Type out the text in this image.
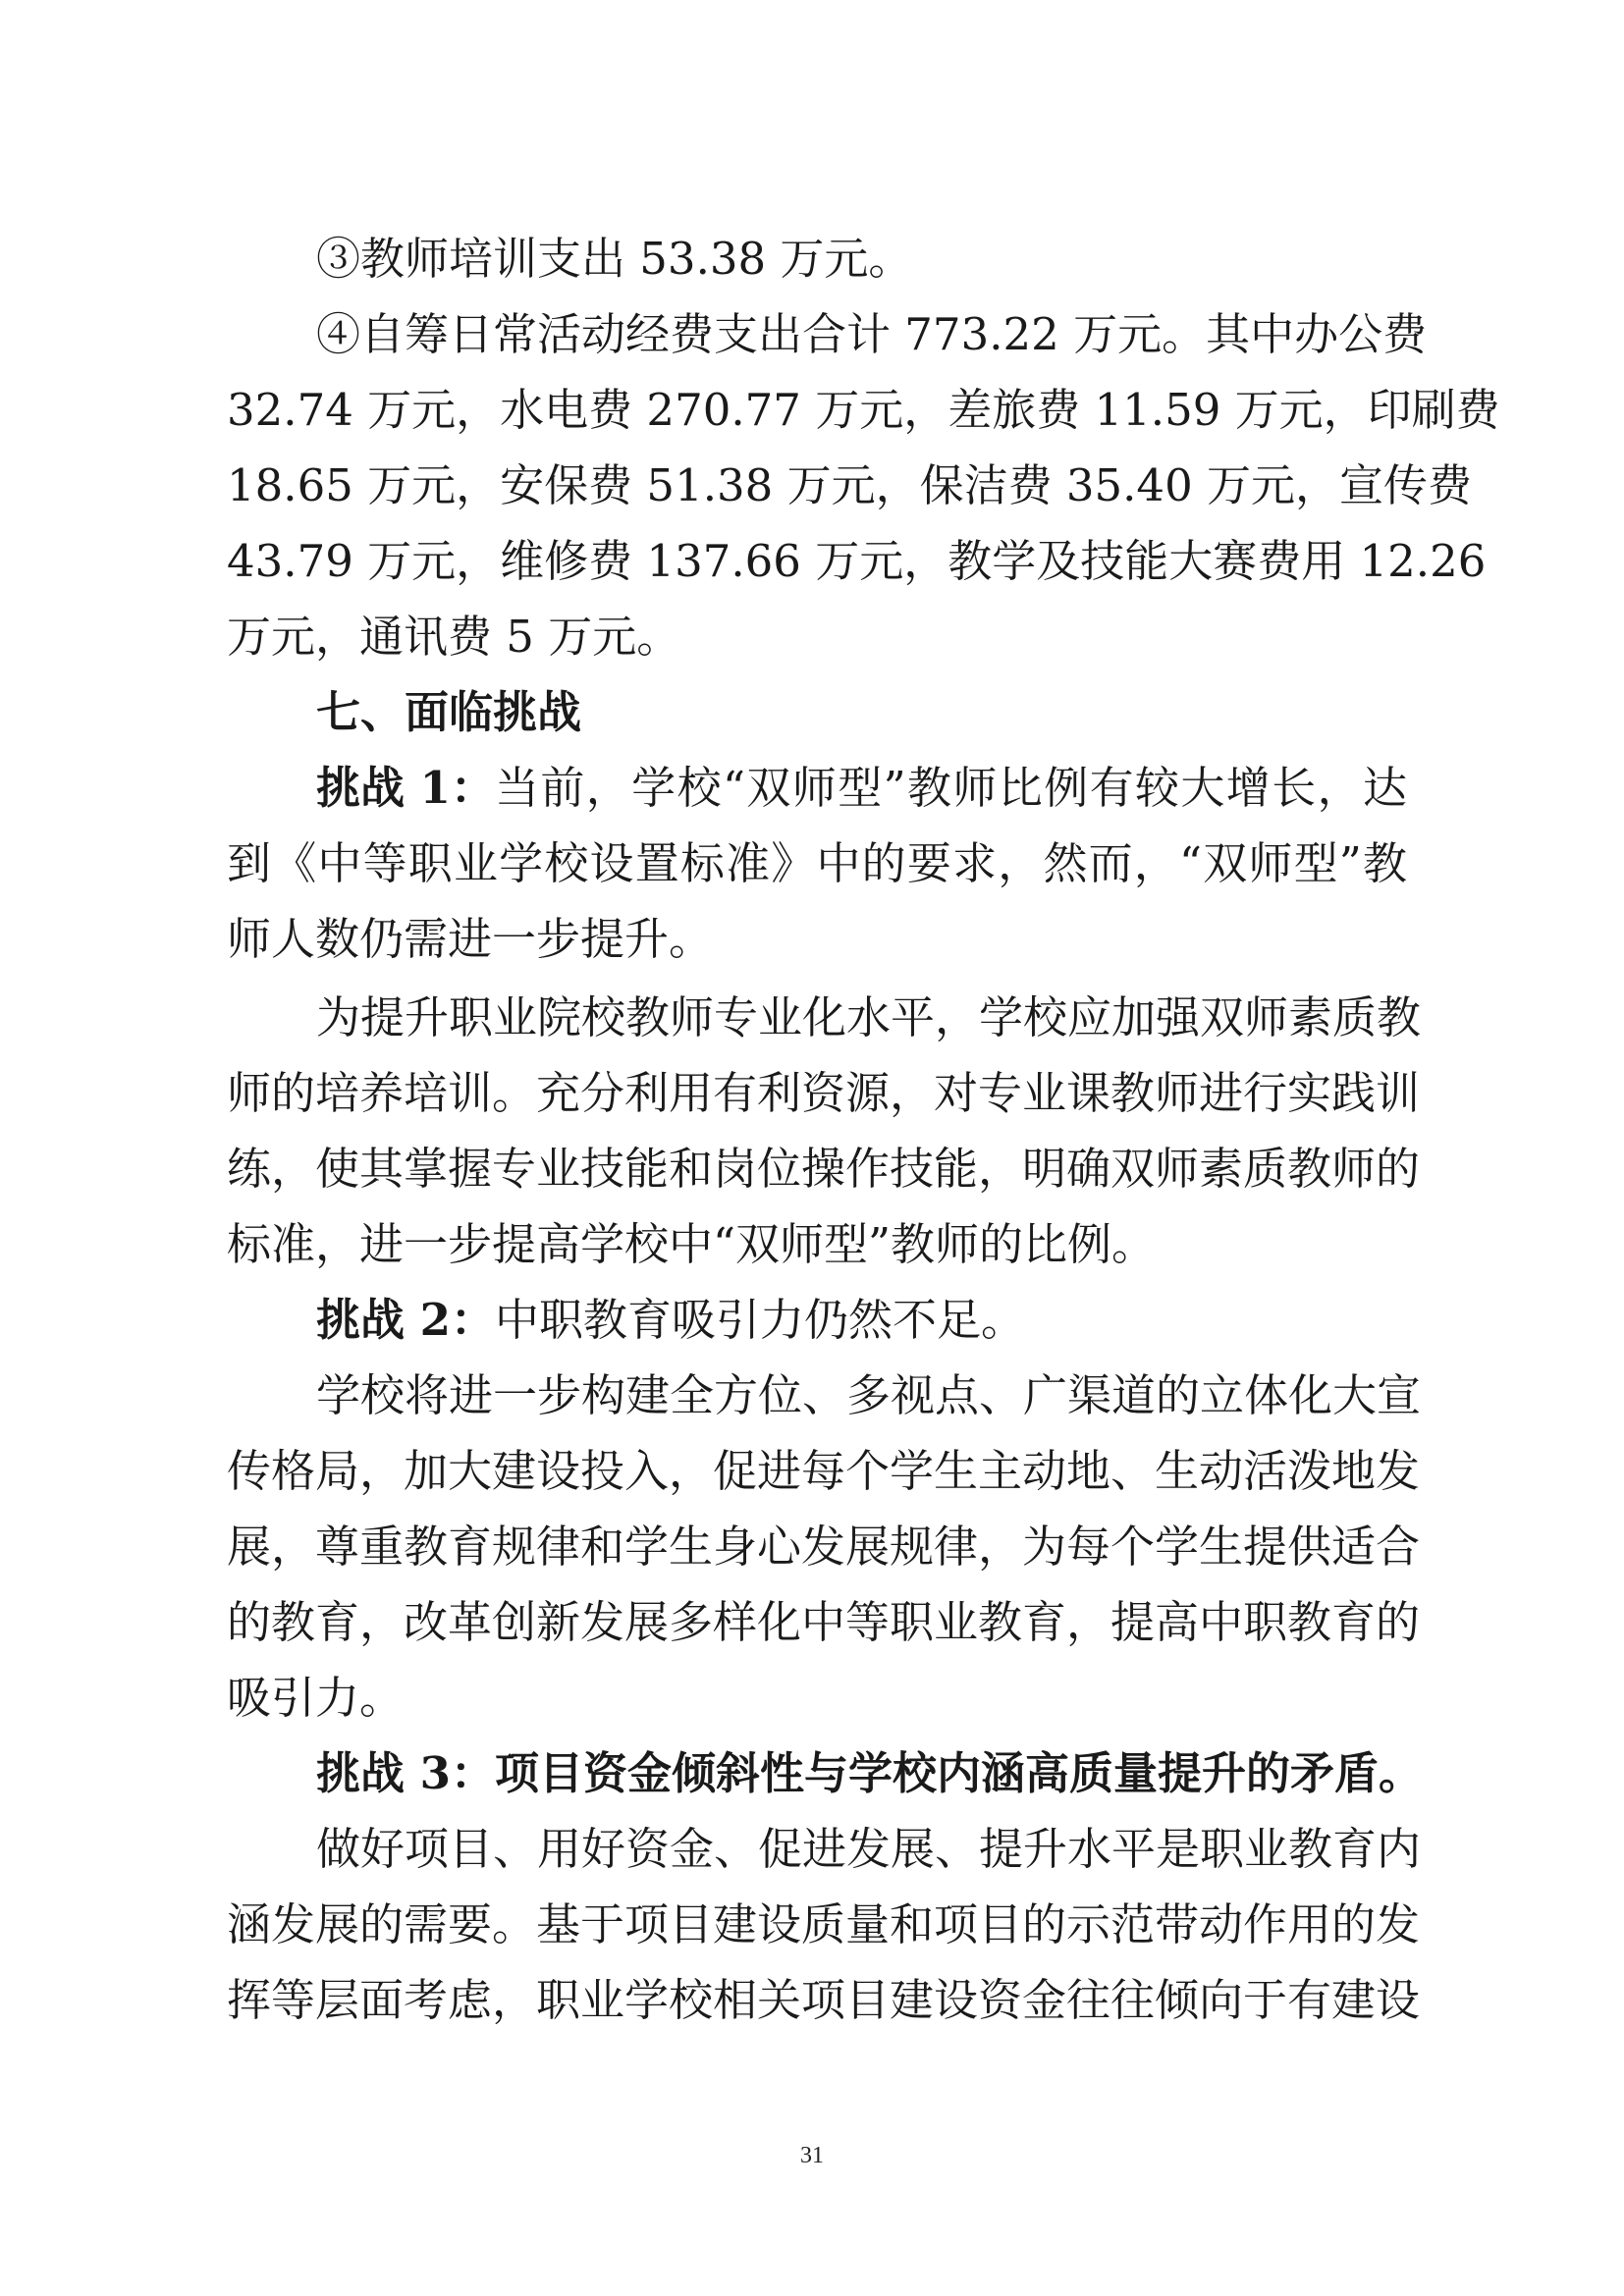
③教师培训支出 53.38 万元。
④自筹日常活动经费支出合计 773.22 万元。其中办公费
32.74 万元，水电费 270.77 万元，差旅费 11.59 万元，印刷费
18.65 万元，安保费 51.38 万元，保洁费 35.40 万元，宣传费
43.79 万元，维修费 137.66 万元，教学及技能大赛费用 12.26
万元，通讯费 5 万元。
七、面临挑战
挑战 1： 当前，学校“双师型”教师比例有较大增长，达
到《中等职业学校设置标准》中的要求，然而，“双师型”教
师人数仍需进一步提升。
为提升职业院校教师专业化水平，学校应加强双师素质教
师的培养培训。充分利用有利资源，对专业课教师进行实践训
练，使其掌握专业技能和岗位操作技能，明确双师素质教师的
标准，进一步提高学校中“双师型”教师的比例。
挑战 2：中职教育吸引力仍然不足。
学校将进一步构建全方位、多视点、广渠道的立体化大宣
传格局，加大建设投入，促进每个学生主动地、生动活泼地发
展，尊重教育规律和学生身心发展规律，为每个学生提供适合
的教育，改革创新发展多样化中等职业教育，提高中职教育的
吸引力。
挑战 3：项目资金倾斜性与学校内涵高质量提升的矛盾。
做好项目、用好资金、促进发展、提升水平是职业教育内
涵发展的需要。基于项目建设质量和项目的示范带动作用的发
挥等层面考虑，职业学校相关项目建设资金往往倾向于有建设
31
